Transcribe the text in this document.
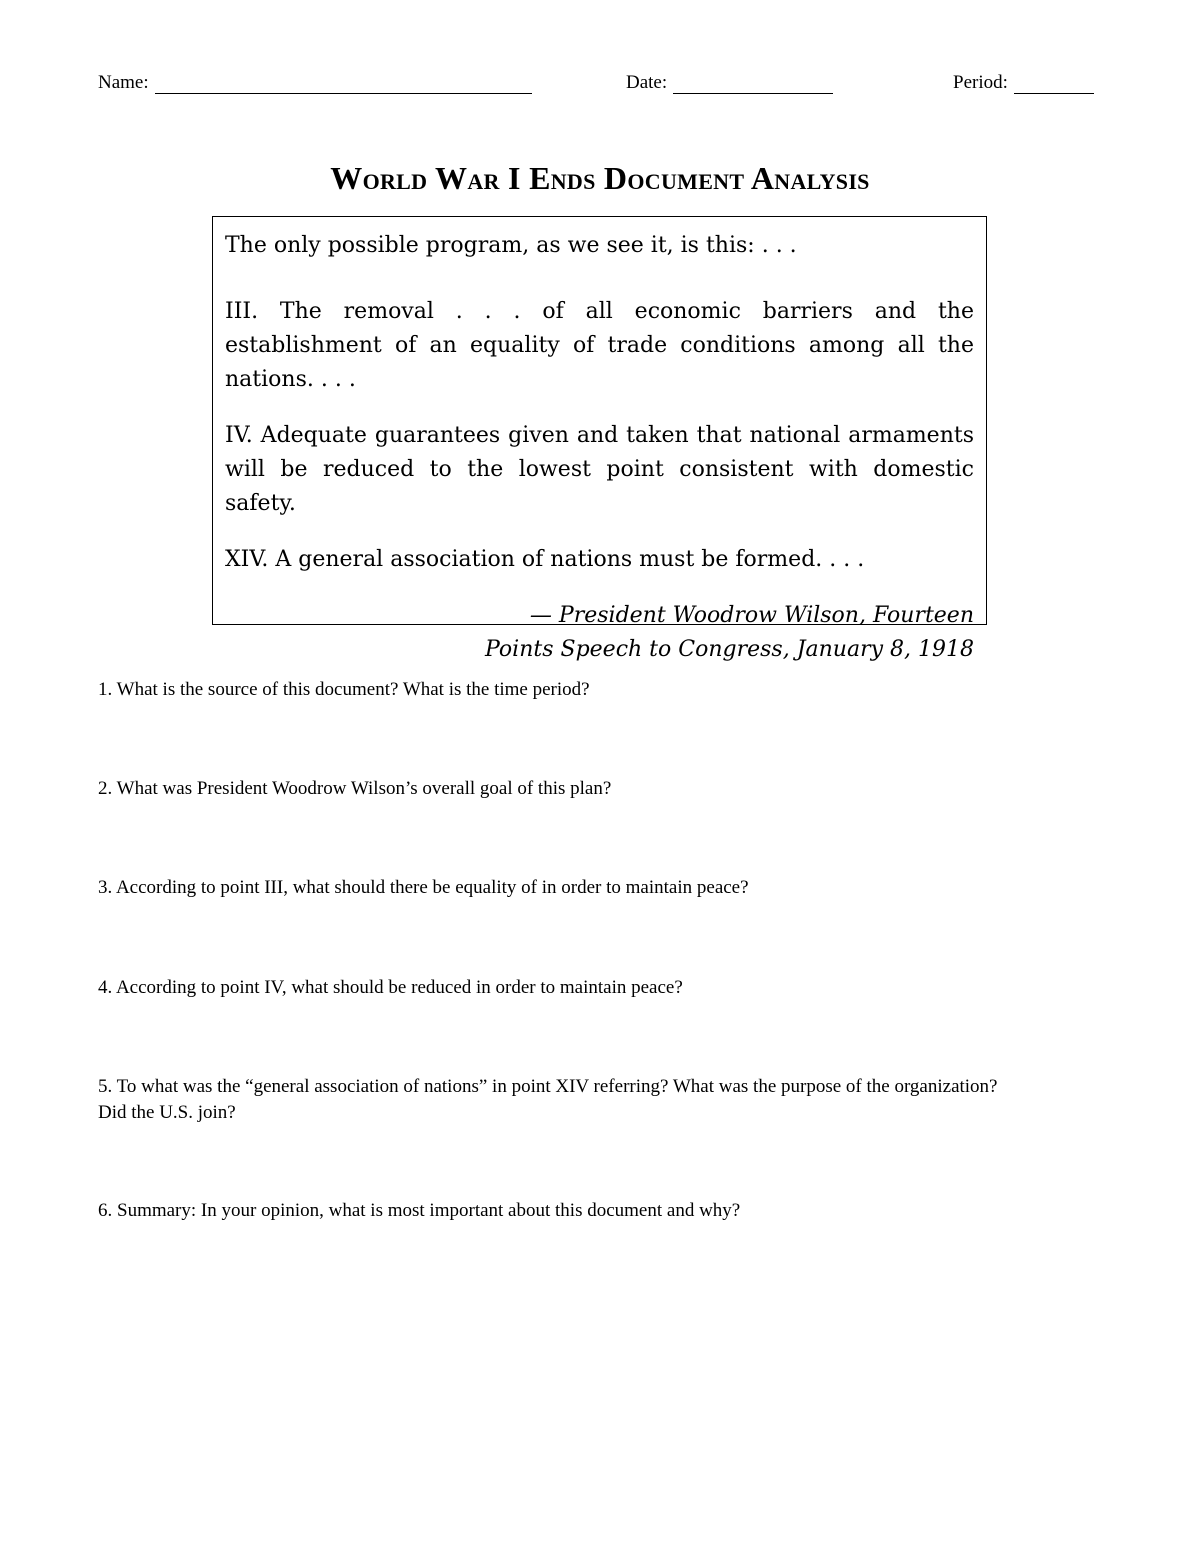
Name:	Date:	Period:
World War I Ends Document Analysis

The only possible program, as we see it, is this: . . .

III. The removal . . . of all economic barriers and the establishment of an equality of trade conditions among all the nations. . . .

IV. Adequate guarantees given and taken that national armaments will be reduced to the lowest point consistent with domestic safety.

XIV. A general association of nations must be formed. . . .

— President Woodrow Wilson, Fourteen
Points Speech to Congress, January 8, 1918
1. What is the source of this document? What is the time period?
2. What was President Woodrow Wilson’s overall goal of this plan?
3. According to point III, what should there be equality of in order to maintain peace?
4. According to point IV, what should be reduced in order to maintain peace?
5. To what was the “general association of nations” in point XIV referring? What was the purpose of the organization? Did the U.S. join?
6. Summary: In your opinion, what is most important about this document and why?
